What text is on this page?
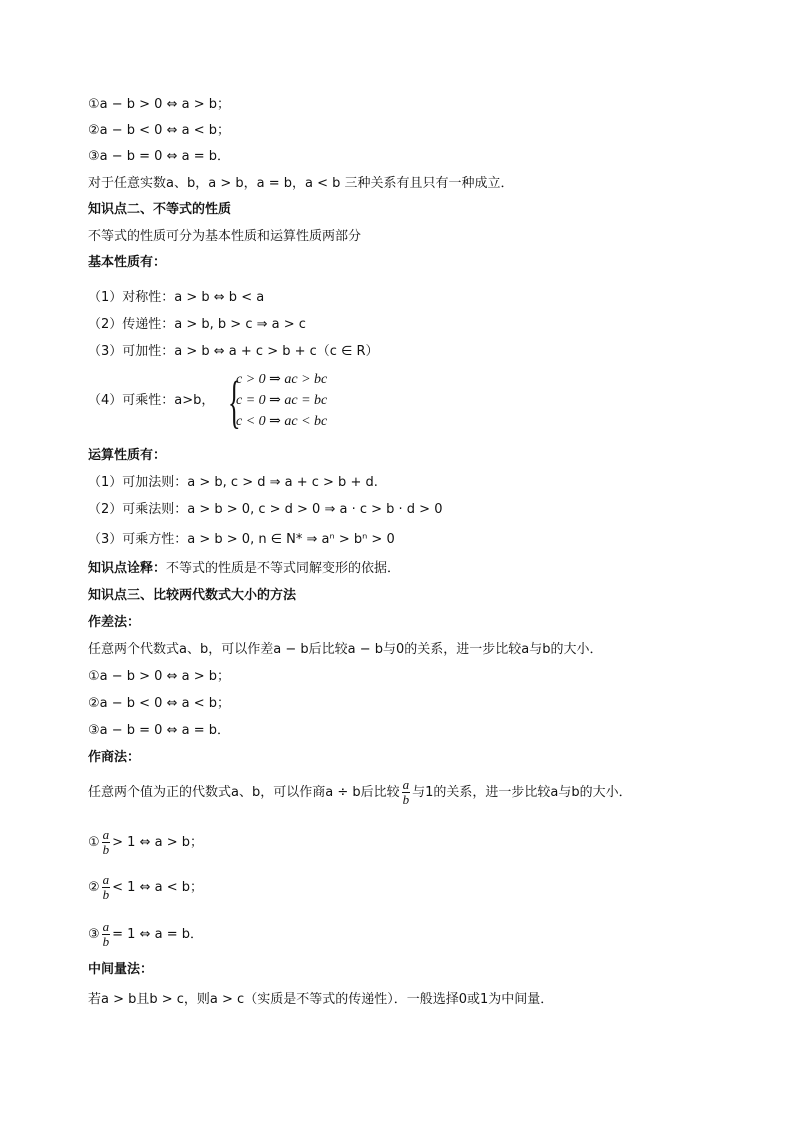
①a − b > 0 ⇔ a > b；
②a − b < 0 ⇔ a < b；
③a − b = 0 ⇔ a = b．
对于任意实数a、b，a > b，a = b，a < b 三种关系有且只有一种成立．
知识点二、不等式的性质
不等式的性质可分为基本性质和运算性质两部分
基本性质有：
（1）对称性：a > b ⇔ b < a
（2）传递性：a > b, b > c ⇒ a > c
（3）可加性：a > b ⇔ a + c > b + c（c ∈ R）
（4）可乘性：a>b， {
c > 0 ⇒ ac > bc
c = 0 ⇒ ac = bc
c < 0 ⇒ ac < bc
运算性质有：
（1）可加法则：a > b, c > d ⇒ a + c > b + d.
（2）可乘法则：a > b > 0, c > d > 0 ⇒ a · c > b · d > 0
（3）可乘方性：a > b > 0, n ∈ N* ⇒ aⁿ > bⁿ > 0
知识点诠释：不等式的性质是不等式同解变形的依据．
知识点三、比较两代数式大小的方法
作差法：
任意两个代数式a、b，可以作差a − b后比较a − b与0的关系，进一步比较a与b的大小．
①a − b > 0 ⇔ a > b；
②a − b < 0 ⇔ a < b；
③a − b = 0 ⇔ a = b．
作商法：
任意两个值为正的代数式a、b，可以作商a ÷ b后比较 $\frac{a}{b}$ 与1的关系，进一步比较a与b的大小．
① $\frac{a}{b} > 1$ ⇔ a > b；
② $\frac{a}{b} < 1$ ⇔ a < b；
③ $\frac{a}{b} = 1$ ⇔ a = b．
中间量法：
若a > b且b > c，则a > c（实质是不等式的传递性）．一般选择0或1为中间量．
